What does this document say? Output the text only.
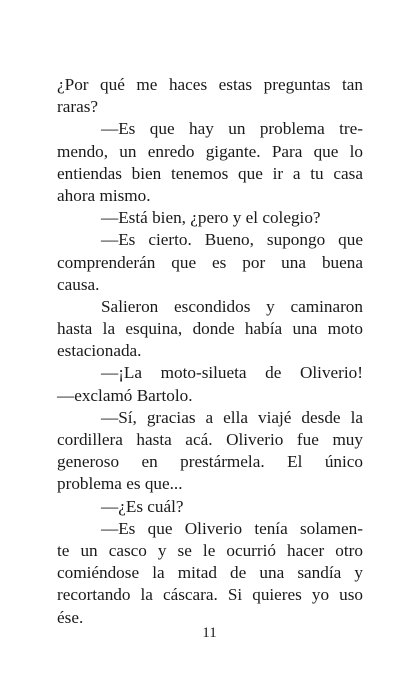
¿Por qué me haces estas preguntas tan
raras?
—Es que hay un problema tre-
mendo, un enredo gigante. Para que lo
entiendas bien tenemos que ir a tu casa
ahora mismo.
—Está bien, ¿pero y el colegio?
—Es cierto. Bueno, supongo que
comprenderán que es por una buena
causa.
Salieron escondidos y caminaron
hasta la esquina, donde había una moto
estacionada.
—¡La moto-silueta de Oliverio!
—exclamó Bartolo.
—Sí, gracias a ella viajé desde la
cordillera hasta acá. Oliverio fue muy
generoso en prestármela. El único
problema es que...
—¿Es cuál?
—Es que Oliverio tenía solamen-
te un casco y se le ocurrió hacer otro
comiéndose la mitad de una sandía y
recortando la cáscara. Si quieres yo uso
ése.
11
